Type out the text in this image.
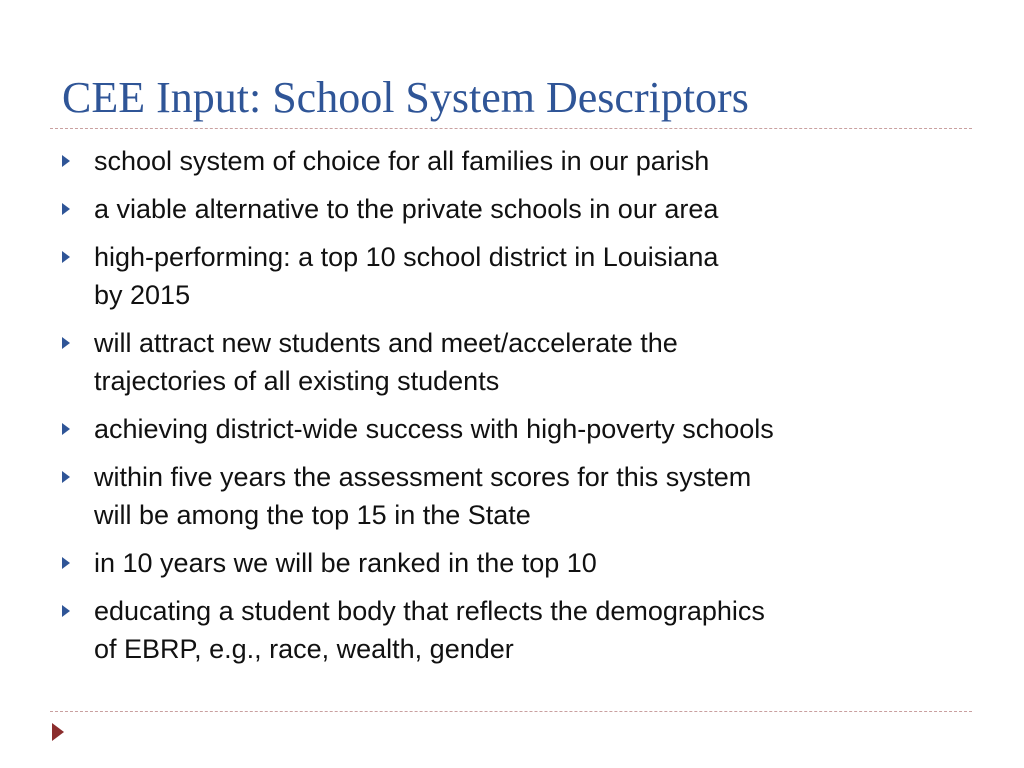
CEE Input: School System Descriptors
school system of choice for all families in our parish
a viable alternative to the private schools in our area
high-performing: a top 10 school district in Louisiana
by 2015
will attract new students and meet/accelerate the
trajectories of all existing students
achieving district-wide success with high-poverty schools
within five years the assessment scores for this system
will be among the top 15 in the State
in 10 years we will be ranked in the top 10
educating a student body that reflects the demographics
of EBRP, e.g., race, wealth, gender
